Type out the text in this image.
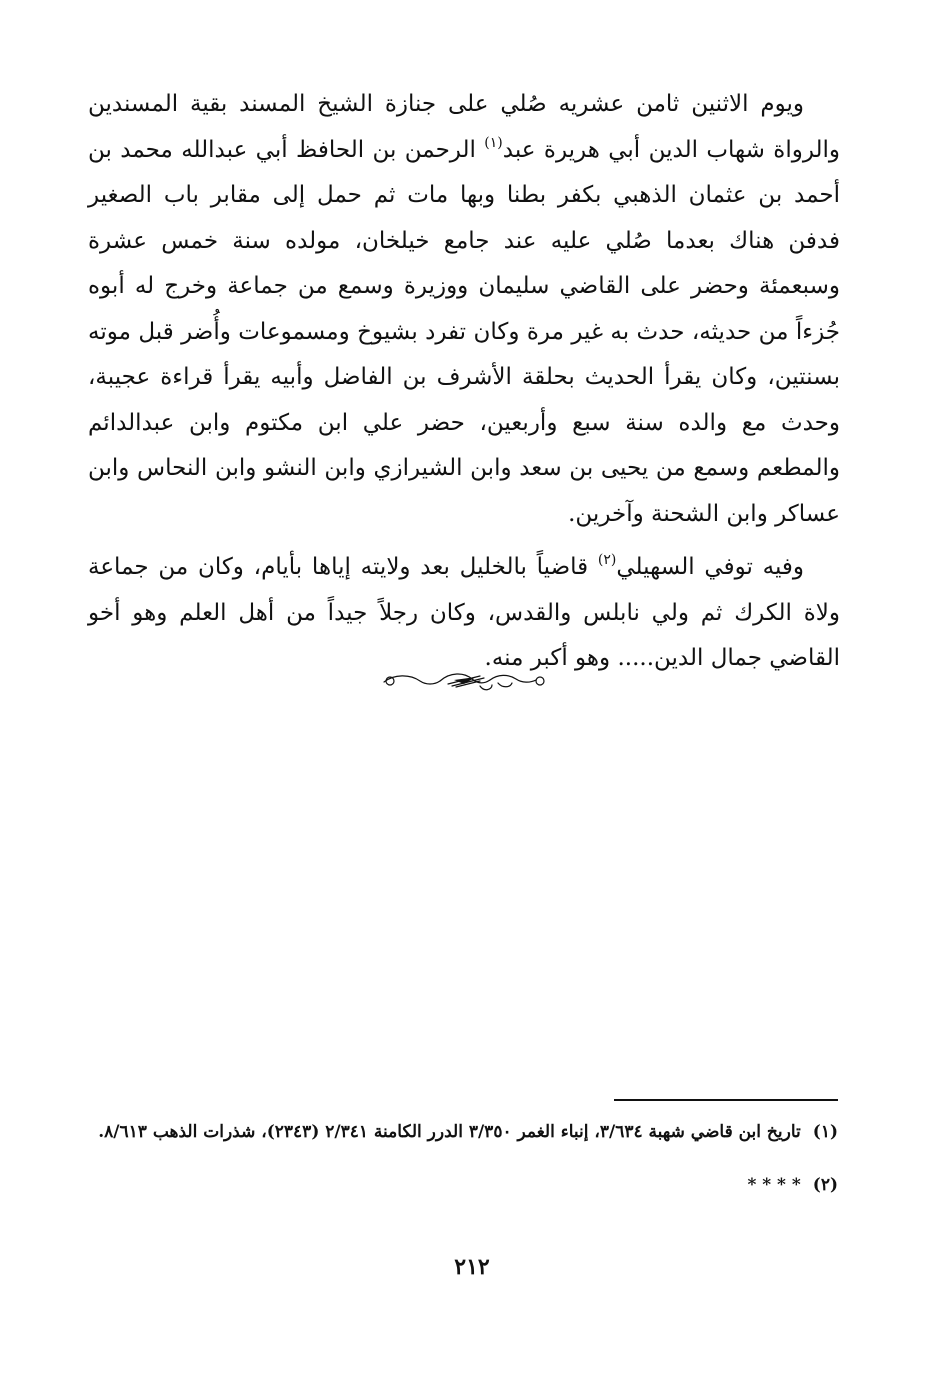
ويوم الاثنين ثامن عشريه صُلي على جنازة الشيخ المسند بقية المسندين والرواة شهاب الدين أبي هريرة عبد$^{(١)}$ الرحمن بن الحافظ أبي عبدالله محمد بن أحمد بن عثمان الذهبي بكفر بطنا وبها مات ثم حمل إلى مقابر باب الصغير فدفن هناك بعدما صُلي عليه عند جامع خيلخان، مولده سنة خمس عشرة وسبعمئة وحضر على القاضي سليمان ووزيرة وسمع من جماعة وخرج له أبوه جُزءاً من حديثه، حدث به غير مرة وكان تفرد بشيوخ ومسموعات وأُضر قبل موته بسنتين، وكان يقرأ الحديث بحلقة الأشرف بن الفاضل وأبيه يقرأ قراءة عجيبة، وحدث مع والده سنة سبع وأربعين، حضر علي ابن مكتوم وابن عبدالدائم والمطعم وسمع من يحيى بن سعد وابن الشيرازي وابن النشو وابن النحاس وابن عساكر وابن الشحنة وآخرين.

وفيه توفي السهيلي$^{(٢)}$ قاضياً بالخليل بعد ولايته إياها بأيام، وكان من جماعة ولاة الكرك ثم ولي نابلس والقدس، وكان رجلاً جيداً من أهل العلم وهو أخو القاضي جمال الدين..... وهو أكبر منه.

(١)
تاريخ ابن قاضي شهبة ٣/٦٣٤، إنباء الغمر ٣/٣٥٠ الدرر الكامنة ٢/٣٤١ (٢٣٤٣)، شذرات الذهب ٨/٦١٣.
(٢)
* * * *
٢١٢
